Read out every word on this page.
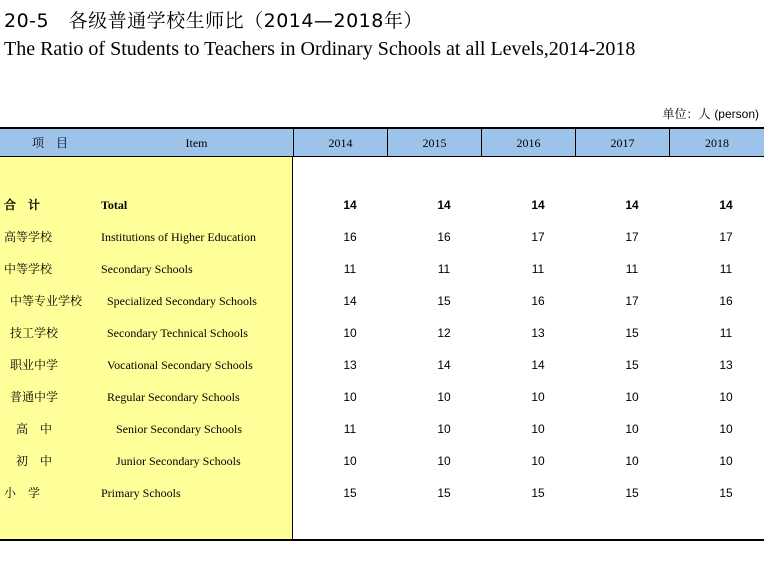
20-5　各级普通学校生师比（2014—2018年）
The Ratio of Students to Teachers in Ordinary Schools at all Levels,2014-2018
单位：人 (person)
项　目	Item	2014	2015	2016	2017	2018
合　计	Total	14	14	14	14	14
高等学校	Institutions of Higher Education	16	16	17	17	17
中等学校	Secondary Schools	11	11	11	11	11
中等专业学校 Specialized Secondary Schools	14	15	16	17	16
技工学校	Secondary Technical Schools	10	12	13	15	11
职业中学	Vocational Secondary Schools	13	14	14	15	13
普通中学	Regular Secondary Schools	10	10	10	10	10
高　中	Senior Secondary Schools	11	10	10	10	10
初　中	Junior Secondary Schools	10	10	10	10	10
小　学	Primary Schools	15	15	15	15	15
